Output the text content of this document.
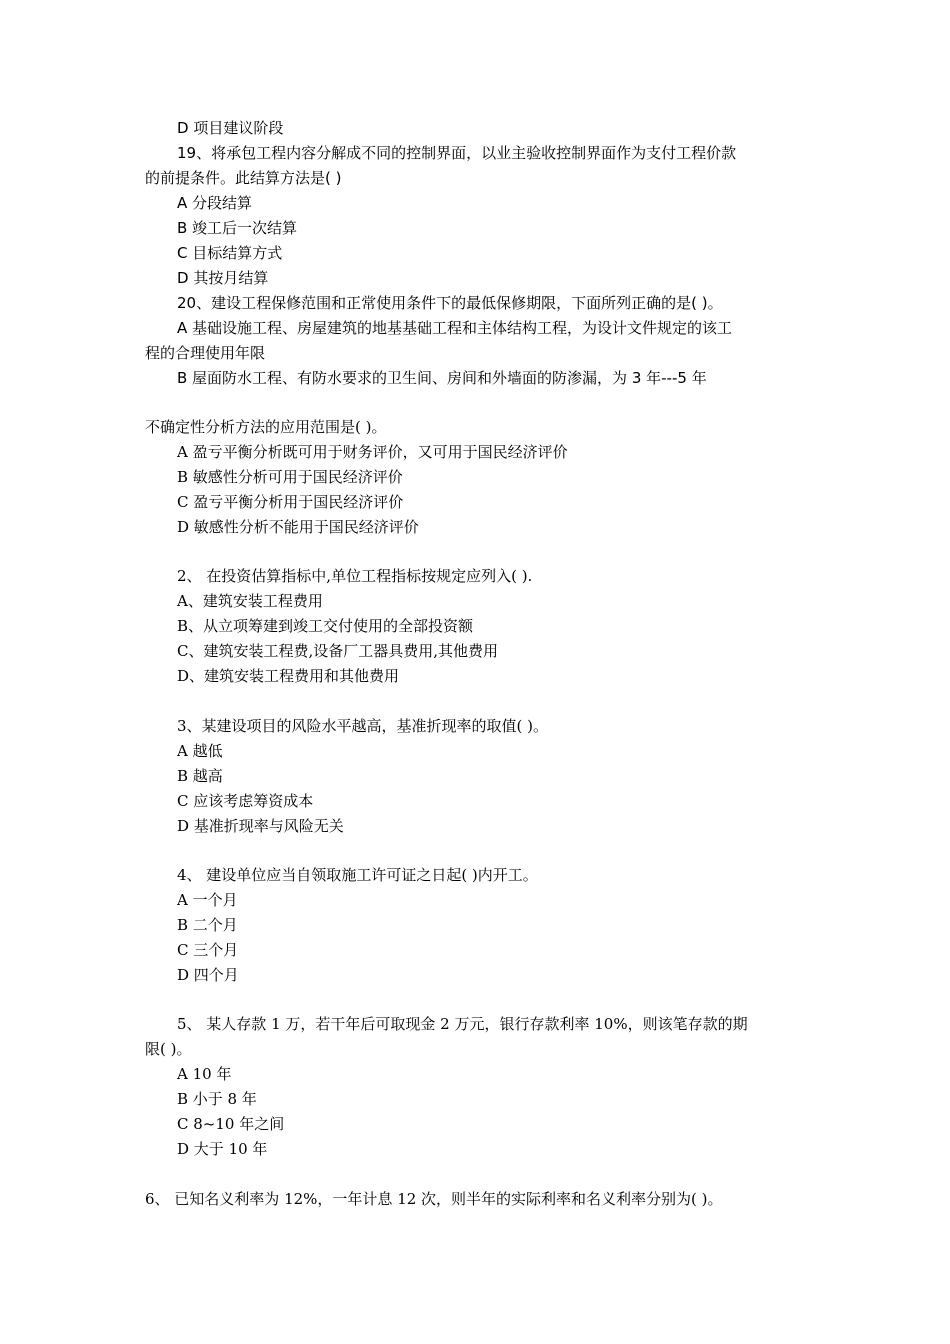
D 项目建议阶段
19、将承包工程内容分解成不同的控制界面，以业主验收控制界面作为支付工程价款
的前提条件。此结算方法是( )
A 分段结算
B 竣工后一次结算
C 目标结算方式
D 其按月结算
20、建设工程保修范围和正常使用条件下的最低保修期限，下面所列正确的是( )。
A 基础设施工程、房屋建筑的地基基础工程和主体结构工程，为设计文件规定的该工
程的合理使用年限
B 屋面防水工程、有防水要求的卫生间、房间和外墙面的防渗漏，为 3 年---5 年
不确定性分析方法的应用范围是( )。
A 盈亏平衡分析既可用于财务评价，又可用于国民经济评价
B 敏感性分析可用于国民经济评价
C 盈亏平衡分析用于国民经济评价
D 敏感性分析不能用于国民经济评价
2、 在投资估算指标中,单位工程指标按规定应列入( ).
A、建筑安装工程费用
B、从立项筹建到竣工交付使用的全部投资额
C、建筑安装工程费,设备厂工器具费用,其他费用
D、建筑安装工程费用和其他费用
3、某建设项目的风险水平越高，基准折现率的取值( )。
A 越低
B 越高
C 应该考虑筹资成本
D 基准折现率与风险无关
4、 建设单位应当自领取施工许可证之日起( )内开工。
A 一个月
B 二个月
C 三个月
D 四个月
5、 某人存款 1 万，若干年后可取现金 2 万元，银行存款利率 10%，则该笔存款的期
限( )。
A 10 年
B 小于 8 年
C 8~10 年之间
D 大于 10 年
6、 已知名义利率为 12%，一年计息 12 次，则半年的实际利率和名义利率分别为( )。
